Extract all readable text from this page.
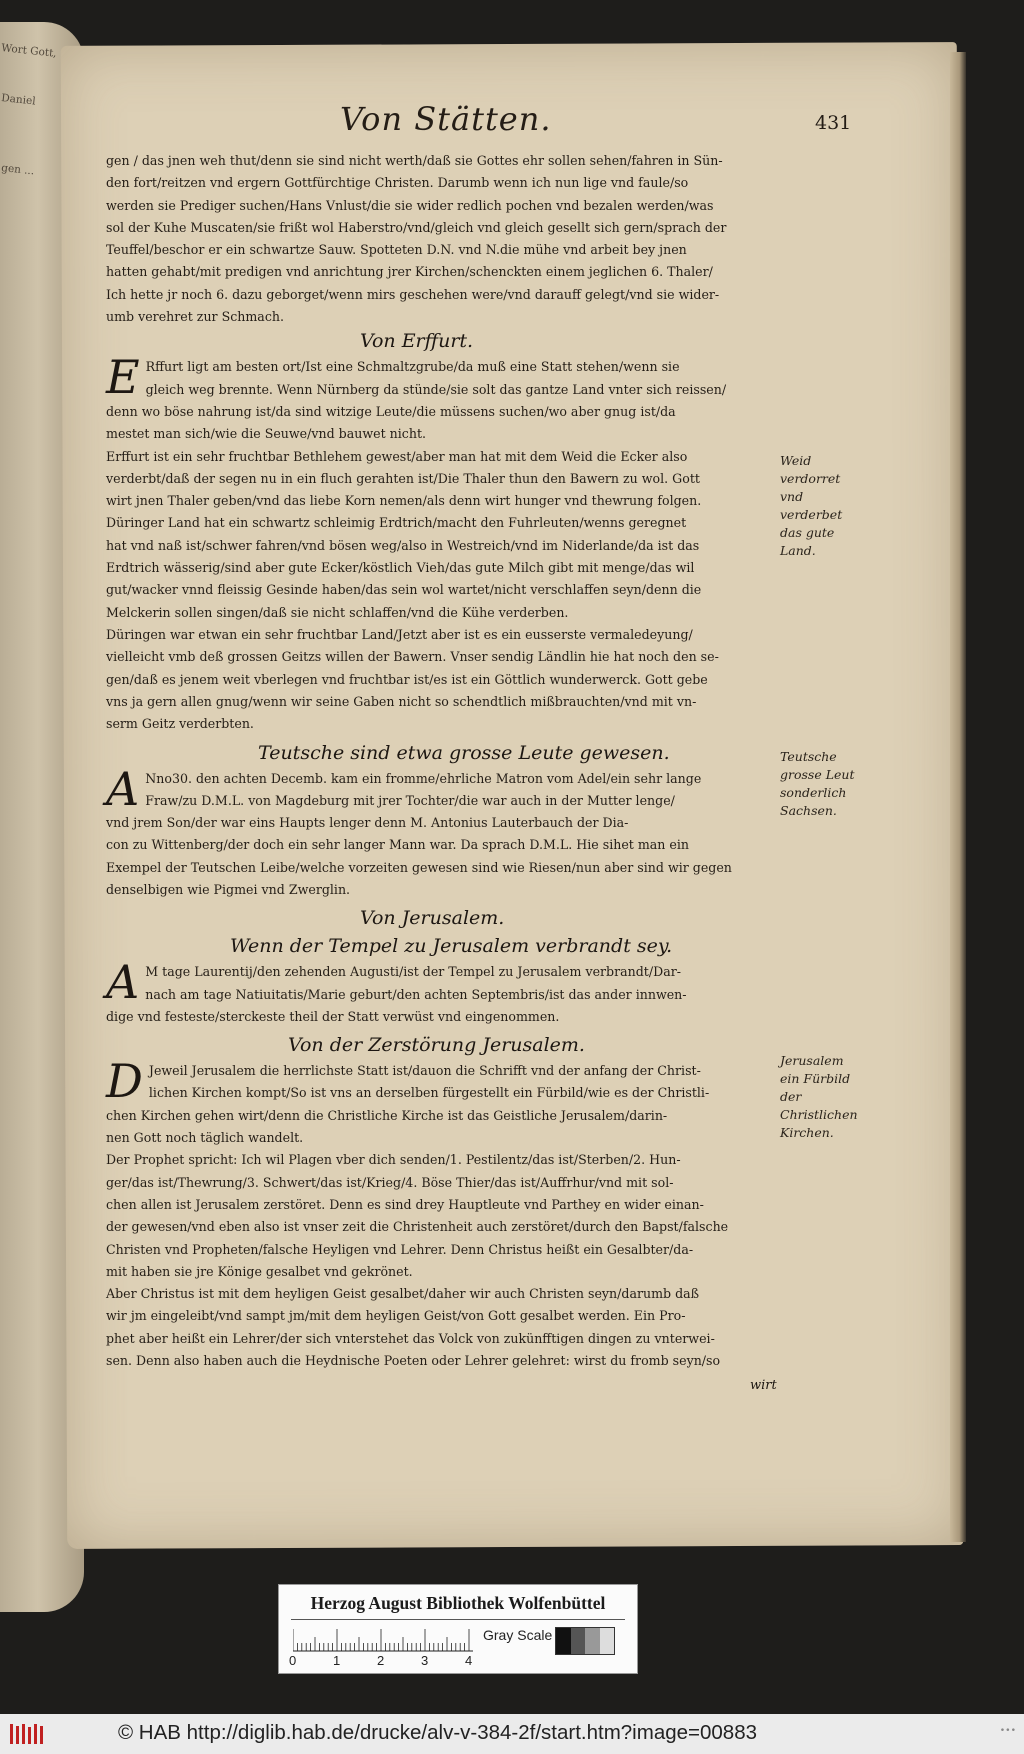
Wort Gott,
Daniel
gen ...
Von Stätten.	431

gen / das jnen weh thut/denn sie sind nicht werth/daß sie Gottes ehr sollen sehen/fahren in Sün-

den fort/reitzen vnd ergern Gottfürchtige Christen. Darumb wenn ich nun lige vnd faule/so

werden sie Prediger suchen/Hans Vnlust/die sie wider redlich pochen vnd bezalen werden/was

sol der Kuhe Muscaten/sie frißt wol Haberstro/vnd/gleich vnd gleich gesellt sich gern/sprach der

Teuffel/beschor er ein schwartze Sauw. Spotteten D.N. vnd N.die mühe vnd arbeit bey jnen

hatten gehabt/mit predigen vnd anrichtung jrer Kirchen/schenckten einem jeglichen 6. Thaler/

Ich hette jr noch 6. dazu geborget/wenn mirs geschehen were/vnd darauff gelegt/vnd sie wider-

umb verehret zur Schmach.

Von Erffurt.
E Rffurt ligt am besten ort/Ist eine Schmaltzgrube/da muß eine Statt stehen/wenn sie

gleich weg brennte. Wenn Nürnberg da stünde/sie solt das gantze Land vnter sich reissen/

denn wo böse nahrung ist/da sind witzige Leute/die müssens suchen/wo aber gnug ist/da

mestet man sich/wie die Seuwe/vnd bauwet nicht.

Erffurt ist ein sehr fruchtbar Bethlehem gewest/aber man hat mit dem Weid die Ecker also

verderbt/daß der segen nu in ein fluch gerahten ist/Die Thaler thun den Bawern zu wol. Gott

wirt jnen Thaler geben/vnd das liebe Korn nemen/als denn wirt hunger vnd thewrung folgen.

Düringer Land hat ein schwartz schleimig Erdtrich/macht den Fuhrleuten/wenns geregnet

hat vnd naß ist/schwer fahren/vnd bösen weg/also in Westreich/vnd im Niderlande/da ist das

Erdtrich wässerig/sind aber gute Ecker/köstlich Vieh/das gute Milch gibt mit menge/das wil

gut/wacker vnnd fleissig Gesinde haben/das sein wol wartet/nicht verschlaffen seyn/denn die

Melckerin sollen singen/daß sie nicht schlaffen/vnd die Kühe verderben.

Düringen war etwan ein sehr fruchtbar Land/Jetzt aber ist es ein eusserste vermaledeyung/

vielleicht vmb deß grossen Geitzs willen der Bawern. Vnser sendig Ländlin hie hat noch den se-

gen/daß es jenem weit vberlegen vnd fruchtbar ist/es ist ein Göttlich wunderwerck. Gott gebe

vns ja gern allen gnug/wenn wir seine Gaben nicht so schendtlich mißbrauchten/vnd mit vn-

serm Geitz verderbten.

Teutsche sind etwa grosse Leute gewesen.
A Nno30. den achten Decemb. kam ein fromme/ehrliche Matron vom Adel/ein sehr lange

Fraw/zu D.M.L. von Magdeburg mit jrer Tochter/die war auch in der Mutter lenge/

vnd jrem Son/der war eins Haupts lenger denn M. Antonius Lauterbauch der Dia-

con zu Wittenberg/der doch ein sehr langer Mann war. Da sprach D.M.L. Hie sihet man ein

Exempel der Teutschen Leibe/welche vorzeiten gewesen sind wie Riesen/nun aber sind wir gegen

denselbigen wie Pigmei vnd Zwerglin.

Von Jerusalem.
Wenn der Tempel zu Jerusalem verbrandt sey.
A M tage Laurentij/den zehenden Augusti/ist der Tempel zu Jerusalem verbrandt/Dar-

nach am tage Natiuitatis/Marie geburt/den achten Septembris/ist das ander innwen-

dige vnd festeste/sterckeste theil der Statt verwüst vnd eingenommen.

Von der Zerstörung Jerusalem.
D Jeweil Jerusalem die herrlichste Statt ist/dauon die Schrifft vnd der anfang der Christ-

lichen Kirchen kompt/So ist vns an derselben fürgestellt ein Fürbild/wie es der Christli-

chen Kirchen gehen wirt/denn die Christliche Kirche ist das Geistliche Jerusalem/darin-

nen Gott noch täglich wandelt.

Der Prophet spricht: Ich wil Plagen vber dich senden/1. Pestilentz/das ist/Sterben/2. Hun-

ger/das ist/Thewrung/3. Schwert/das ist/Krieg/4. Böse Thier/das ist/Auffrhur/vnd mit sol-

chen allen ist Jerusalem zerstöret. Denn es sind drey Hauptleute vnd Parthey en wider einan-

der gewesen/vnd eben also ist vnser zeit die Christenheit auch zerstöret/durch den Bapst/falsche

Christen vnd Propheten/falsche Heyligen vnd Lehrer. Denn Christus heißt ein Gesalbter/da-

mit haben sie jre Könige gesalbet vnd gekrönet.

Aber Christus ist mit dem heyligen Geist gesalbet/daher wir auch Christen seyn/darumb daß

wir jm eingeleibt/vnd sampt jm/mit dem heyligen Geist/von Gott gesalbet werden. Ein Pro-

phet aber heißt ein Lehrer/der sich vnterstehet das Volck von zukünfftigen dingen zu vnterwei-

sen. Denn also haben auch die Heydnische Poeten oder Lehrer gelehret: wirst du fromb seyn/so

wirt
Weid verdorret vnd verderbet das gute Land.
Teutsche grosse Leut sonderlich Sachsen.
Jerusalem ein Fürbild der Christlichen Kirchen.
Herzog August Bibliothek Wolfenbüttel
0	1	2	3	4
Gray Scale
© HAB http://diglib.hab.de/drucke/alv-v-384-2f/start.htm?image=00883	•••
